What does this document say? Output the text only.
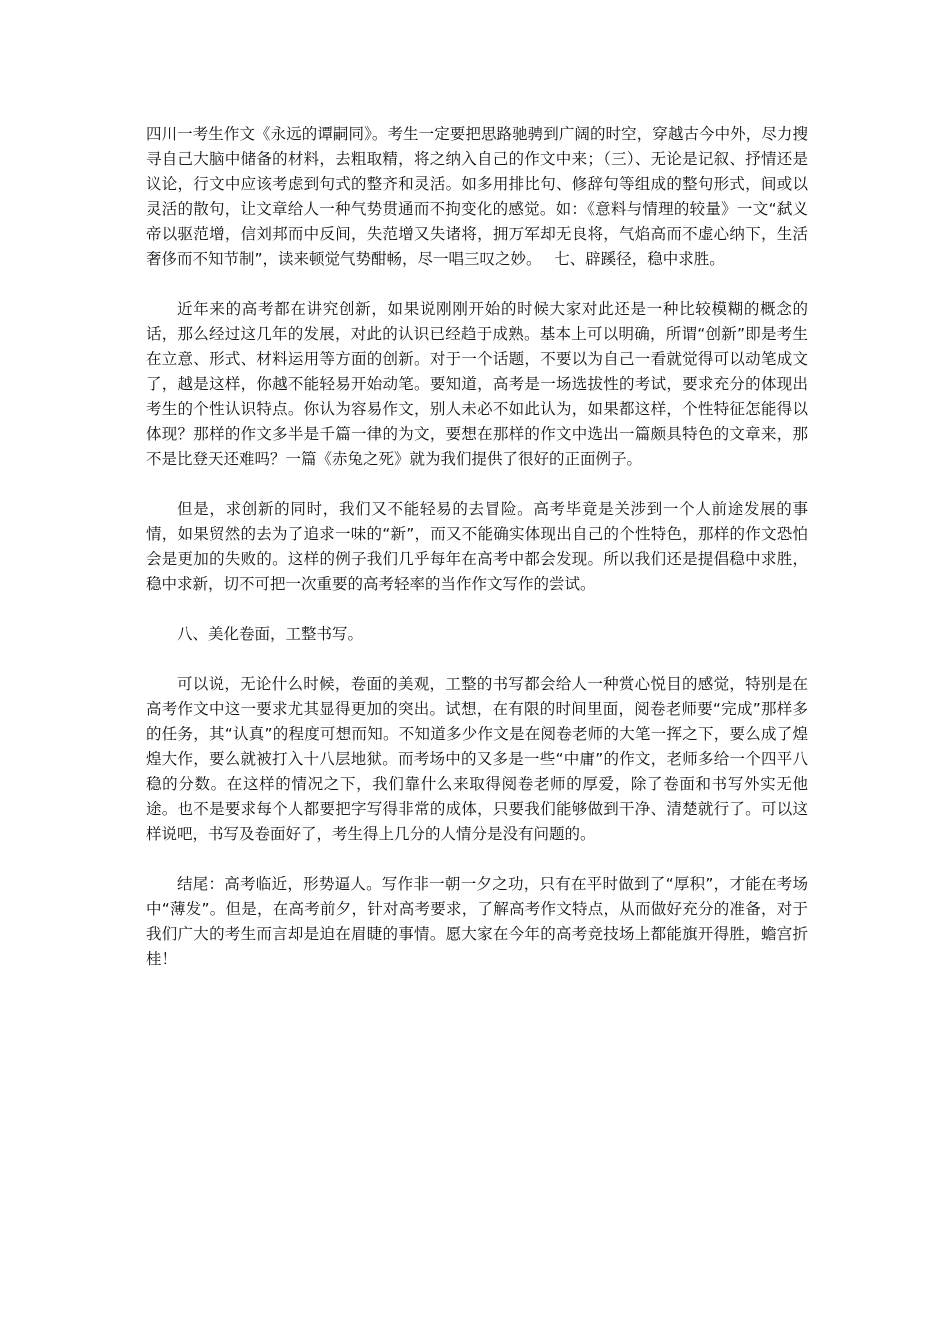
四川一考生作文《永远的谭嗣同》。考生一定要把思路驰骋到广阔的时空，穿越古今中外，尽力搜寻自己大脑中储备的材料，去粗取精，将之纳入自己的作文中来；（三）、无论是记叙、抒情还是议论，行文中应该考虑到句式的整齐和灵活。如多用排比句、修辞句等组成的整句形式，间或以灵活的散句，让文章给人一种气势贯通而不拘变化的感觉。如：《意料与情理的较量》一文“弑义帝以驱范增，信刘邦而中反间，失范增又失诸将，拥万军却无良将，气焰高而不虚心纳下，生活奢侈而不知节制”，读来顿觉气势酣畅，尽一唱三叹之妙。　 七、辟蹊径，稳中求胜。

近年来的高考都在讲究创新，如果说刚刚开始的时候大家对此还是一种比较模糊的概念的话，那么经过这几年的发展，对此的认识已经趋于成熟。基本上可以明确，所谓“创新”即是考生在立意、形式、材料运用等方面的创新。对于一个话题，不要以为自己一看就觉得可以动笔成文了，越是这样，你越不能轻易开始动笔。要知道，高考是一场选拔性的考试，要求充分的体现出考生的个性认识特点。你认为容易作文，别人未必不如此认为，如果都这样，个性特征怎能得以体现？那样的作文多半是千篇一律的为文，要想在那样的作文中选出一篇颇具特色的文章来，那不是比登天还难吗？一篇《赤兔之死》就为我们提供了很好的正面例子。

但是，求创新的同时，我们又不能轻易的去冒险。高考毕竟是关涉到一个人前途发展的事情，如果贸然的去为了追求一味的“新”，而又不能确实体现出自己的个性特色，那样的作文恐怕会是更加的失败的。这样的例子我们几乎每年在高考中都会发现。所以我们还是提倡稳中求胜，稳中求新，切不可把一次重要的高考轻率的当作作文写作的尝试。

八、美化卷面，工整书写。

可以说，无论什么时候，卷面的美观，工整的书写都会给人一种赏心悦目的感觉，特别是在高考作文中这一要求尤其显得更加的突出。试想，在有限的时间里面，阅卷老师要“完成”那样多的任务，其“认真”的程度可想而知。不知道多少作文是在阅卷老师的大笔一挥之下，要么成了煌煌大作，要么就被打入十八层地狱。而考场中的又多是一些“中庸”的作文，老师多给一个四平八稳的分数。在这样的情况之下，我们靠什么来取得阅卷老师的厚爱，除了卷面和书写外实无他途。也不是要求每个人都要把字写得非常的成体，只要我们能够做到干净、清楚就行了。可以这样说吧，书写及卷面好了，考生得上几分的人情分是没有问题的。

结尾：高考临近，形势逼人。写作非一朝一夕之功，只有在平时做到了“厚积”，才能在考场中“薄发”。但是，在高考前夕，针对高考要求，了解高考作文特点，从而做好充分的准备，对于我们广大的考生而言却是迫在眉睫的事情。愿大家在今年的高考竞技场上都能旗开得胜，蟾宫折桂！
